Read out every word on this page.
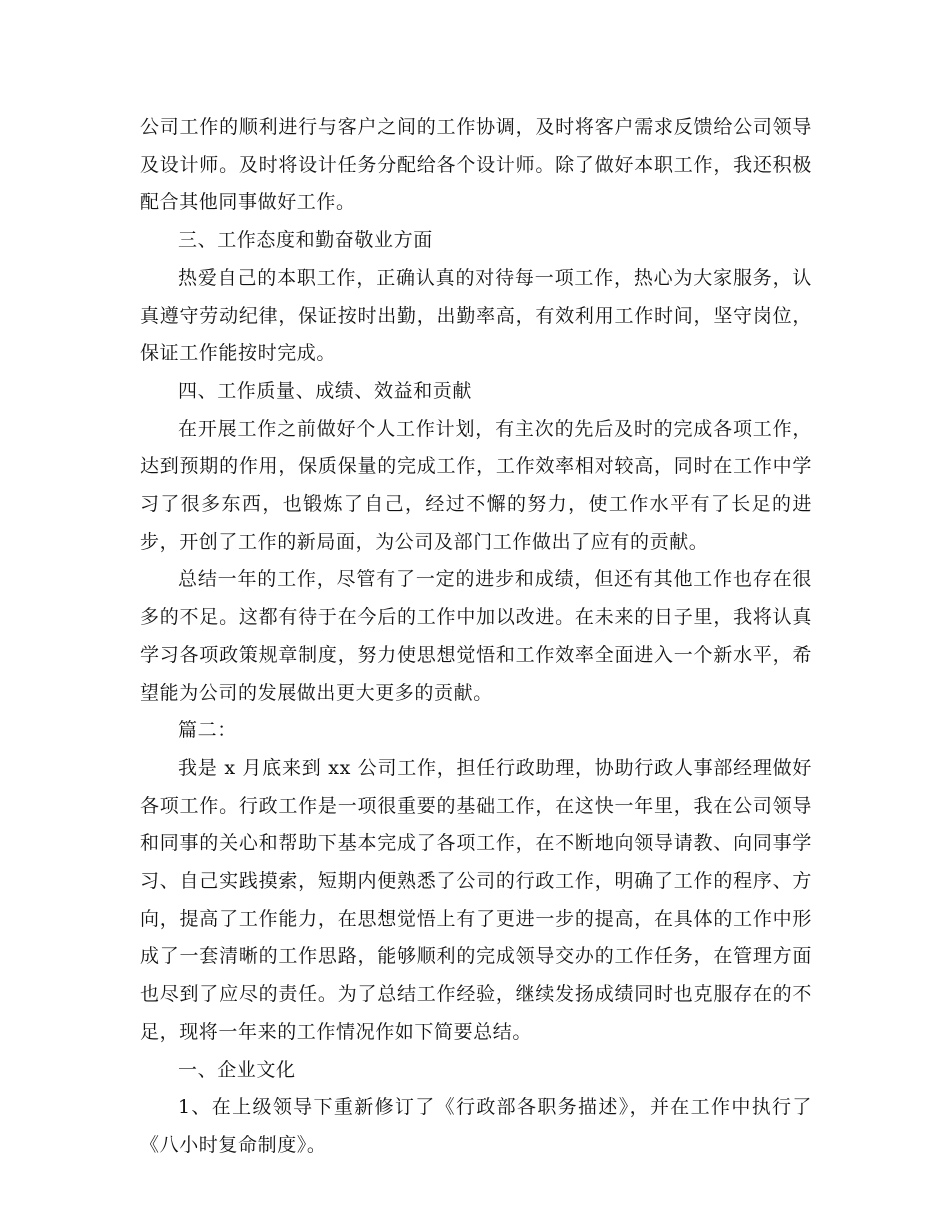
公司工作的顺利进行与客户之间的工作协调，及时将客户需求反馈给公司领导及设计师。及时将设计任务分配给各个设计师。除了做好本职工作，我还积极配合其他同事做好工作。

三、工作态度和勤奋敬业方面

热爱自己的本职工作，正确认真的对待每一项工作，热心为大家服务，认真遵守劳动纪律，保证按时出勤，出勤率高，有效利用工作时间，坚守岗位，保证工作能按时完成。

四、工作质量、成绩、效益和贡献

在开展工作之前做好个人工作计划，有主次的先后及时的完成各项工作，达到预期的作用，保质保量的完成工作，工作效率相对较高，同时在工作中学习了很多东西，也锻炼了自己，经过不懈的努力，使工作水平有了长足的进步，开创了工作的新局面，为公司及部门工作做出了应有的贡献。

总结一年的工作，尽管有了一定的进步和成绩，但还有其他工作也存在很多的不足。这都有待于在今后的工作中加以改进。在未来的日子里，我将认真学习各项政策规章制度，努力使思想觉悟和工作效率全面进入一个新水平，希望能为公司的发展做出更大更多的贡献。

篇二：

我是 x 月底来到 xx 公司工作，担任行政助理，协助行政人事部经理做好各项工作。行政工作是一项很重要的基础工作，在这快一年里，我在公司领导和同事的关心和帮助下基本完成了各项工作，在不断地向领导请教、向同事学习、自己实践摸索，短期内便熟悉了公司的行政工作，明确了工作的程序、方向，提高了工作能力，在思想觉悟上有了更进一步的提高，在具体的工作中形成了一套清晰的工作思路，能够顺利的完成领导交办的工作任务，在管理方面也尽到了应尽的责任。为了总结工作经验，继续发扬成绩同时也克服存在的不足，现将一年来的工作情况作如下简要总结。

一、企业文化

1、在上级领导下重新修订了《行政部各职务描述》，并在工作中执行了《八小时复命制度》。
